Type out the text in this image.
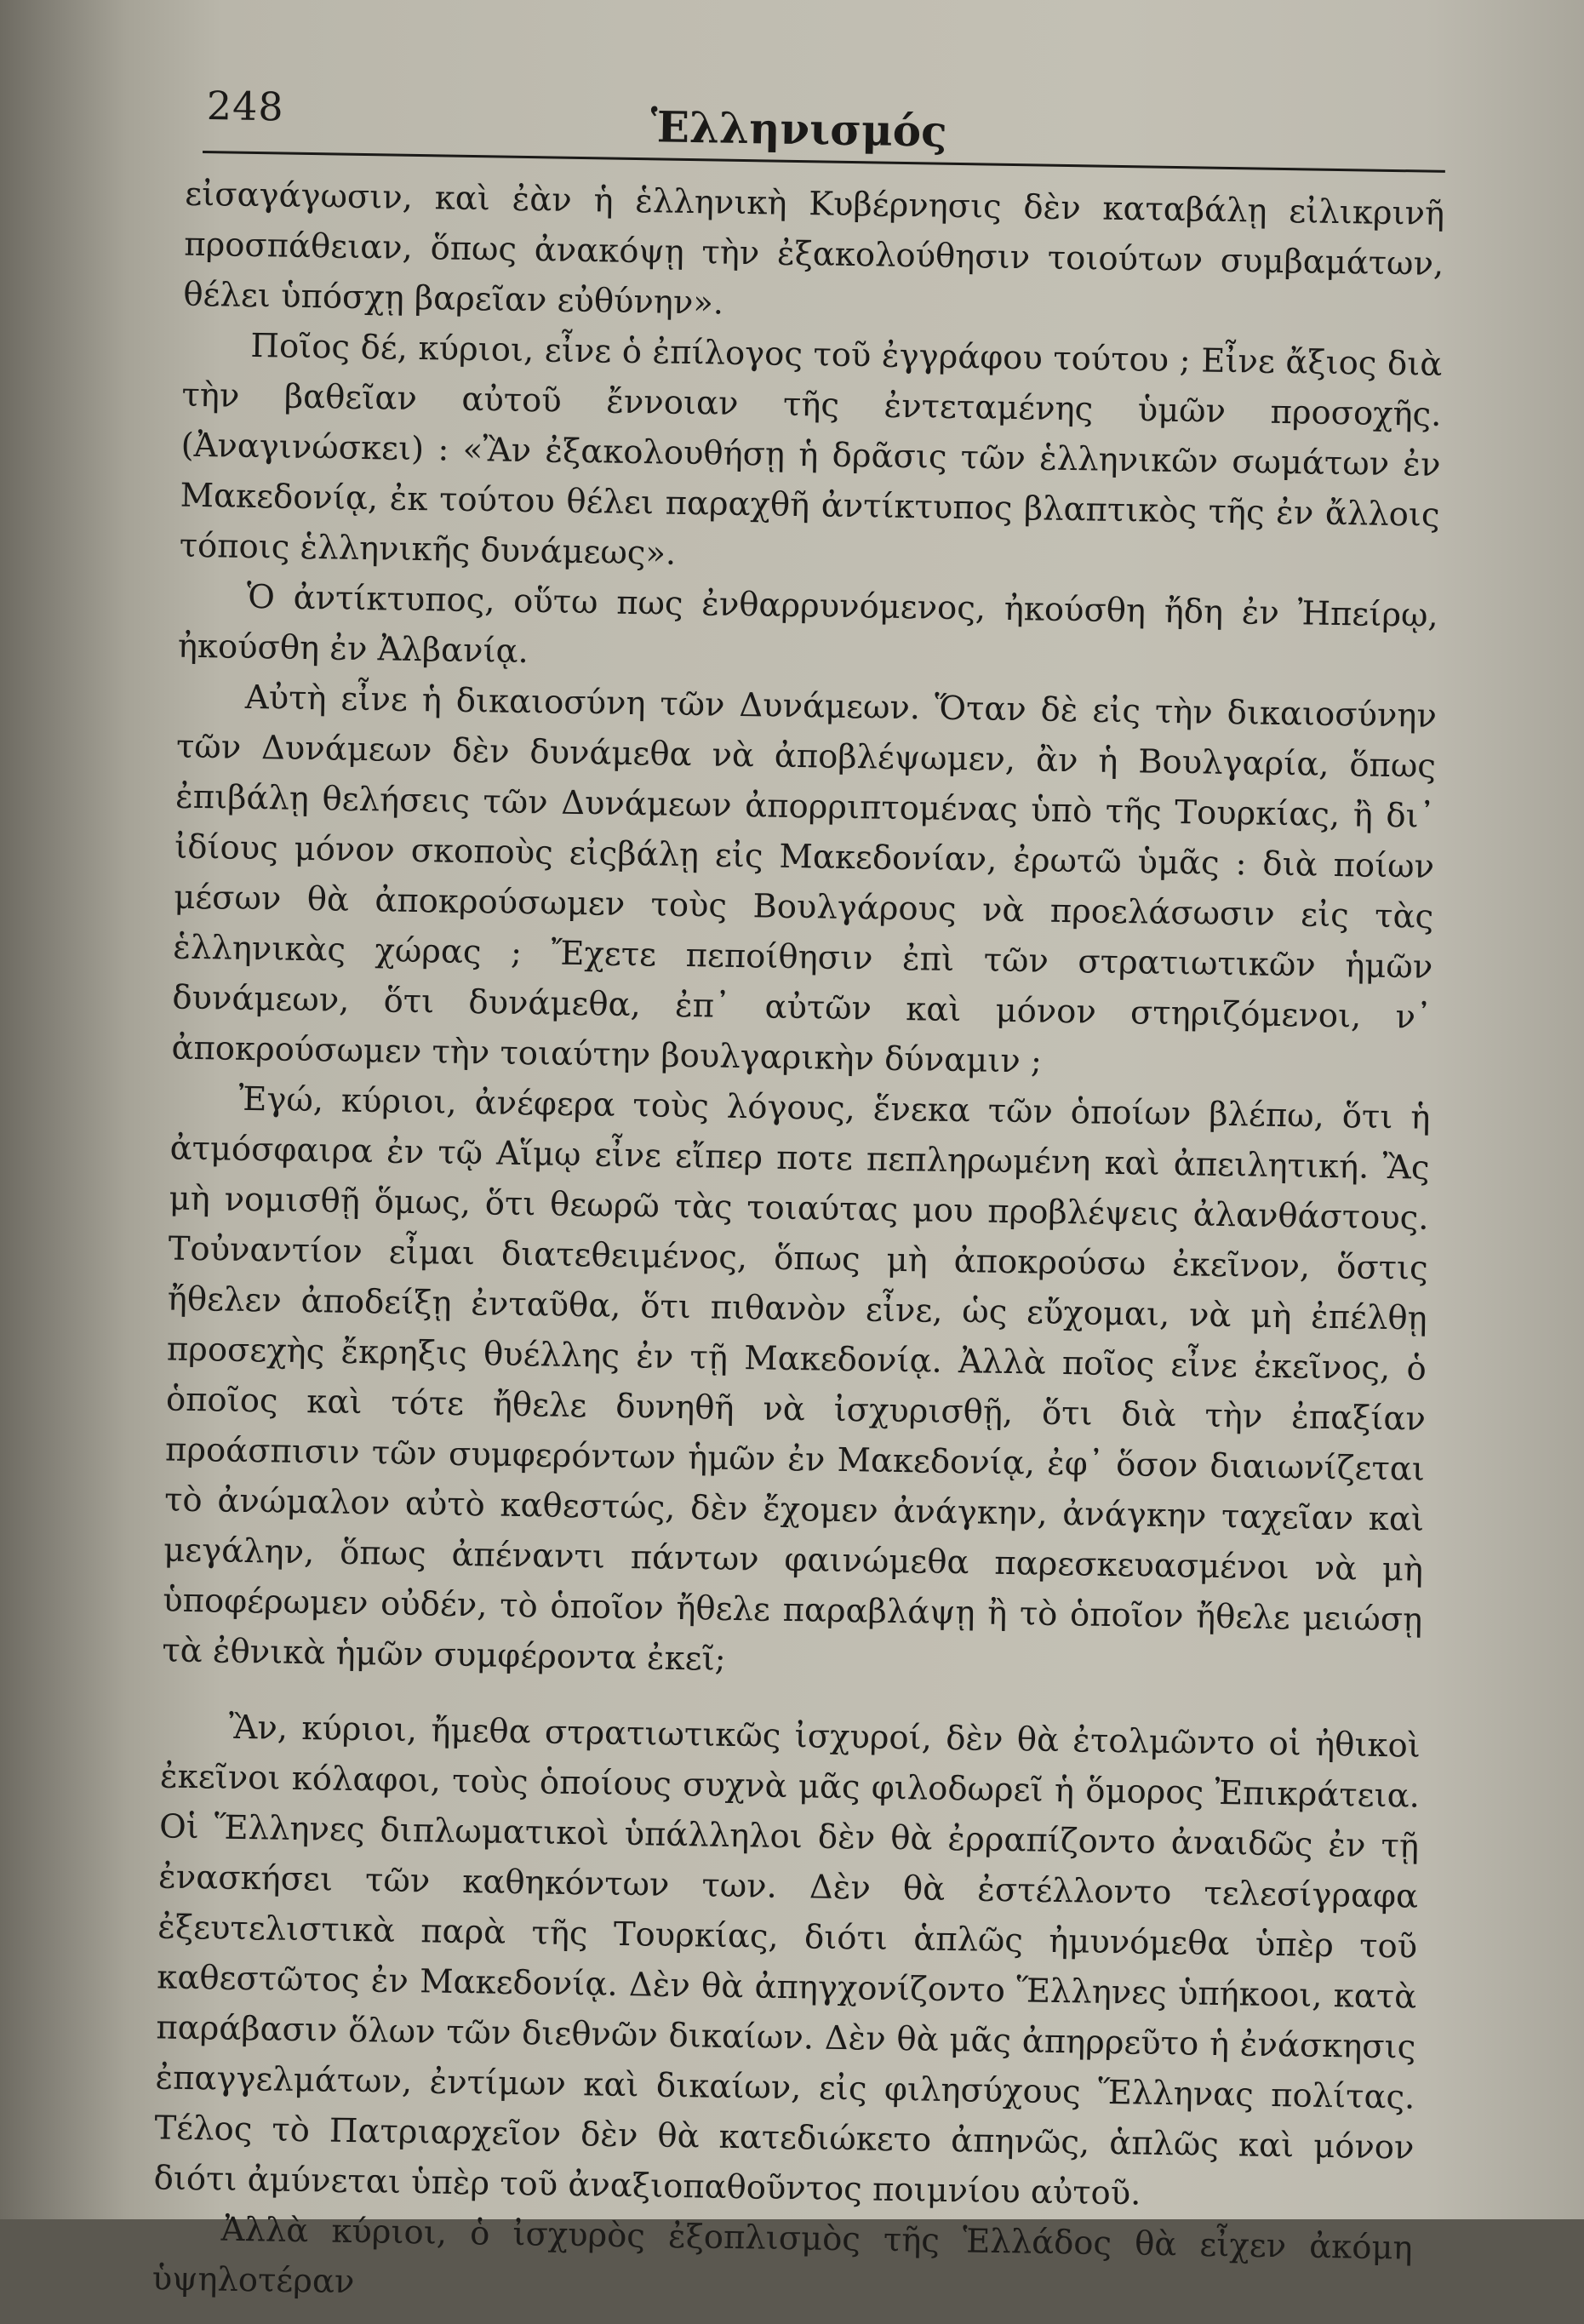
248	Ἑλληνισμός

εἰσαγάγωσιν, καὶ ἐὰν ἡ ἑλληνικὴ Κυβέρνησις δὲν καταβάλῃ εἰλικρινῆ προσπάθειαν, ὅπως ἀνακόψῃ τὴν ἐξακολούθησιν τοιούτων συμβαμάτων, θέλει ὑπόσχῃ βαρεῖαν εὐθύνην».

Ποῖος δέ, κύριοι, εἶνε ὁ ἐπίλογος τοῦ ἐγγράφου τούτου ; Εἶνε ἄξιος διὰ τὴν βαθεῖαν αὐτοῦ ἔννοιαν τῆς ἐντεταμένης ὑμῶν προσοχῆς. (Ἀναγινώσκει) : «Ἂν ἐξακολουθήσῃ ἡ δρᾶσις τῶν ἑλληνικῶν σωμάτων ἐν Μακεδονίᾳ, ἐκ τούτου θέλει παραχθῆ ἀντίκτυπος βλαπτικὸς τῆς ἐν ἄλλοις τόποις ἑλληνικῆς δυνάμεως».

Ὁ ἀντίκτυπος, οὕτω πως ἐνθαρρυνόμενος, ἠκούσθη ἤδη ἐν Ἠπείρῳ, ἠκούσθη ἐν Ἀλβανίᾳ.

Αὐτὴ εἶνε ἡ δικαιοσύνη τῶν Δυνάμεων. Ὅταν δὲ εἰς τὴν δικαιοσύνην τῶν Δυνάμεων δὲν δυνάμεθα νὰ ἀποβλέψωμεν, ἂν ἡ Βουλγαρία, ὅπως ἐπιβάλῃ θελήσεις τῶν Δυνάμεων ἀπορριπτομένας ὑπὸ τῆς Τουρκίας, ἢ δι᾽ ἰδίους μόνον σκοποὺς εἰςβάλῃ εἰς Μακεδονίαν, ἐρωτῶ ὑμᾶς : διὰ ποίων μέσων θὰ ἀποκρούσωμεν τοὺς Βουλγάρους νὰ προελάσωσιν εἰς τὰς ἑλληνικὰς χώρας ; Ἔχετε πεποίθησιν ἐπὶ τῶν στρατιωτικῶν ἡμῶν δυνάμεων, ὅτι δυνάμεθα, ἐπ᾽ αὐτῶν καὶ μόνον στηριζόμενοι, ν᾽ ἀποκρούσωμεν τὴν τοιαύτην βουλγαρικὴν δύναμιν ;

Ἐγώ, κύριοι, ἀνέφερα τοὺς λόγους, ἕνεκα τῶν ὁποίων βλέπω, ὅτι ἡ ἀτμόσφαιρα ἐν τῷ Αἵμῳ εἶνε εἴπερ ποτε πεπληρωμένη καὶ ἀπειλητική. Ἂς μὴ νομισθῇ ὅμως, ὅτι θεωρῶ τὰς τοιαύτας μου προβλέψεις ἀλανθάστους. Τοὐναντίον εἶμαι διατεθειμένος, ὅπως μὴ ἀποκρούσω ἐκεῖνον, ὅστις ἤθελεν ἀποδείξῃ ἐνταῦθα, ὅτι πιθανὸν εἶνε, ὡς εὔχομαι, νὰ μὴ ἐπέλθῃ προσεχὴς ἔκρηξις θυέλλης ἐν τῇ Μακεδονίᾳ. Ἀλλὰ ποῖος εἶνε ἐκεῖνος, ὁ ὁποῖος καὶ τότε ἤθελε δυνηθῆ νὰ ἰσχυρισθῇ, ὅτι διὰ τὴν ἐπαξίαν προάσπισιν τῶν συμφερόντων ἡμῶν ἐν Μακεδονίᾳ, ἐφ᾽ ὅσον διαιωνίζεται τὸ ἀνώμαλον αὐτὸ καθεστώς, δὲν ἔχομεν ἀνάγκην, ἀνάγκην ταχεῖαν καὶ μεγάλην, ὅπως ἀπέναντι πάντων φαινώμεθα παρεσκευασμένοι νὰ μὴ ὑποφέρωμεν οὐδέν, τὸ ὁποῖον ἤθελε παραβλάψῃ ἢ τὸ ὁποῖον ἤθελε μειώσῃ τὰ ἐθνικὰ ἡμῶν συμφέροντα ἐκεῖ;

Ἂν, κύριοι, ἤμεθα στρατιωτικῶς ἰσχυροί, δὲν θὰ ἐτολμῶντο οἱ ἠθικοὶ ἐκεῖνοι κόλαφοι, τοὺς ὁποίους συχνὰ μᾶς φιλοδωρεῖ ἡ ὅμορος Ἐπικράτεια. Οἱ Ἕλληνες διπλωματικοὶ ὑπάλληλοι δὲν θὰ ἐρραπίζοντο ἀναιδῶς ἐν τῇ ἐνασκήσει τῶν καθηκόντων των. Δὲν θὰ ἐστέλλοντο τελεσίγραφα ἐξευτελιστικὰ παρὰ τῆς Τουρκίας, διότι ἁπλῶς ἠμυνόμεθα ὑπὲρ τοῦ καθεστῶτος ἐν Μακεδονίᾳ. Δὲν θὰ ἀπηγχονίζοντο Ἕλληνες ὑπήκοοι, κατὰ παράβασιν ὅλων τῶν διεθνῶν δικαίων. Δὲν θὰ μᾶς ἀπηρρεῦτο ἡ ἐνάσκησις ἐπαγγελμάτων, ἐντίμων καὶ δικαίων, εἰς φιλησύχους Ἕλληνας πολίτας. Τέλος τὸ Πατριαρχεῖον δὲν θὰ κατεδιώκετο ἀπηνῶς, ἁπλῶς καὶ μόνον διότι ἀμύνεται ὑπὲρ τοῦ ἀναξιοπαθοῦντος ποιμνίου αὐτοῦ.

Ἀλλὰ κύριοι, ὁ ἰσχυρὸς ἐξοπλισμὸς τῆς Ἑλλάδος θὰ εἶχεν ἀκόμη ὑψηλοτέραν
